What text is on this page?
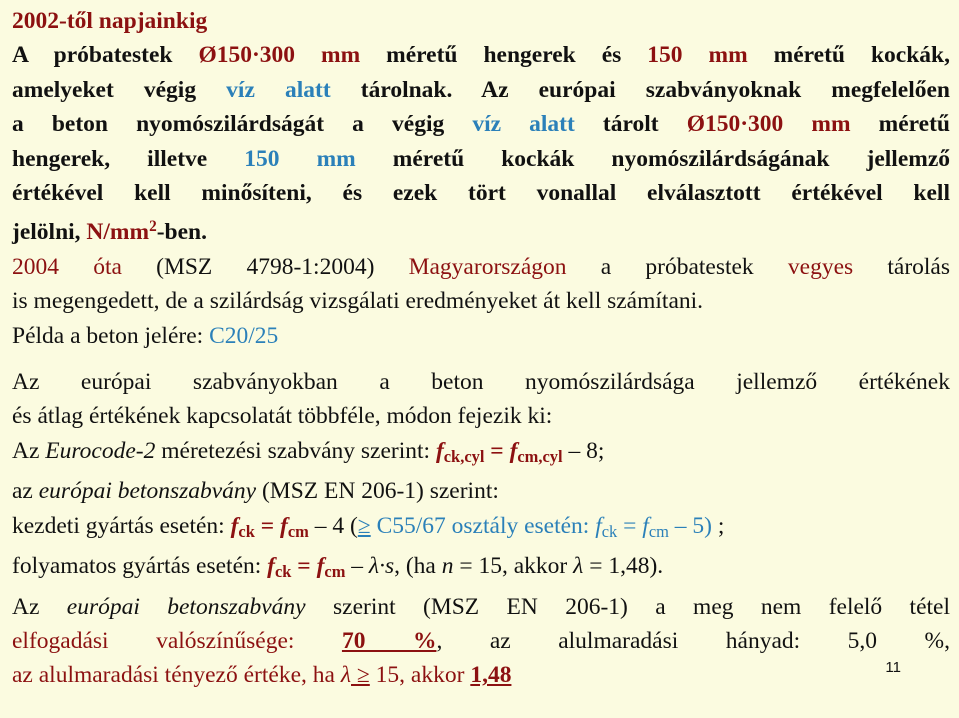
2002-től napjainkig
A próbatestek Ø150·300 mm méretű hengerek és 150 mm méretű kockák,
amelyeket végig víz alatt tárolnak. Az európai szabványoknak megfelelően
a beton nyomószilárdságát a végig víz alatt tárolt Ø150·300 mm méretű
hengerek, illetve 150 mm méretű kockák nyomószilárdságának jellemző
értékével kell minősíteni, és ezek tört vonallal elválasztott értékével kell
jelölni, $N/mm^2$-ben.
2004 óta (MSZ 4798-1:2004) Magyarországon a próbatestek vegyes tárolás
is megengedett, de a szilárdság vizsgálati eredményeket át kell számítani.
Példa a beton jelére: C20/25
Az európai szabványokban a beton nyomószilárdsága jellemző értékének
és átlag értékének kapcsolatát többféle, módon fejezik ki:
Az Eurocode-2 méretezési szabvány szerint: $f_{ck,cyl} = f_{cm,cyl} - 8$;
az európai betonszabvány (MSZ EN 206-1) szerint:
kezdeti gyártás esetén: $f_{ck} = f_{cm} - 4$ (≥ C55/67 osztály esetén: $f_{ck} = f_{cm} - 5$) ;
folyamatos gyártás esetén: $f_{ck} = f_{cm} - \lambda\cdot s$, (ha n = 15, akkor λ = 1,48).
Az európai betonszabvány szerint (MSZ EN 206-1) a meg nem felelő tétel
elfogadási valószínűsége: 70 %, az alulmaradási hányad: 5,0 %,
az alulmaradási tényező értéke, ha λ ≥ 15, akkor 1,48	11
